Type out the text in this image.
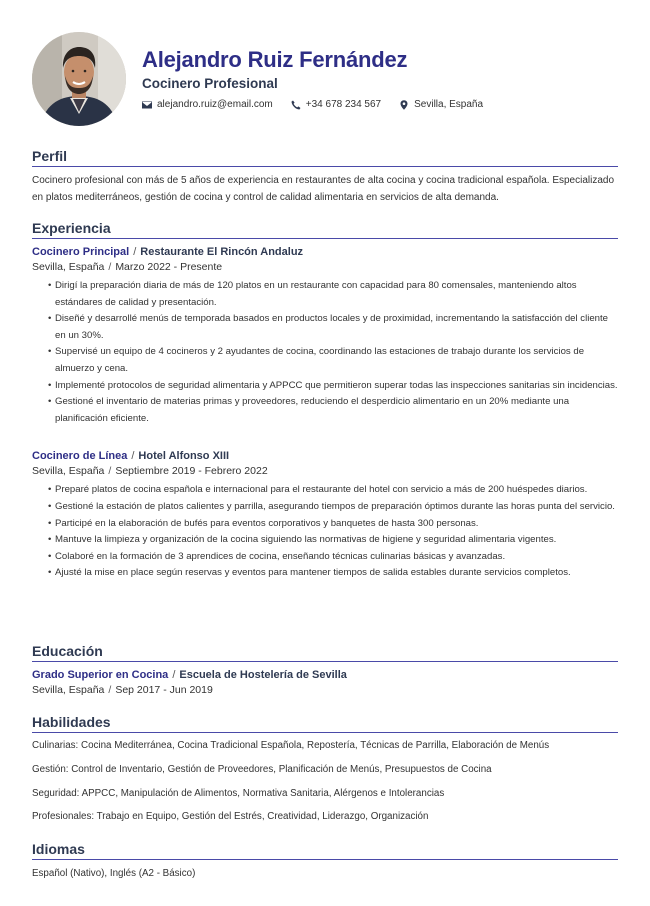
Alejandro Ruiz Fernández
Cocinero Profesional
alejandro.ruiz@email.com	+34 678 234 567	Sevilla, España
Perfil
Cocinero profesional con más de 5 años de experiencia en restaurantes de alta cocina y cocina tradicional española. Especializado en platos mediterráneos, gestión de cocina y control de calidad alimentaria en servicios de alta demanda.
Experiencia
Cocinero Principal / Restaurante El Rincón Andaluz
Sevilla, España / Marzo 2022 - Presente
• Dirigí la preparación diaria de más de 120 platos en un restaurante con capacidad para 80 comensales, manteniendo altos estándares de calidad y presentación.
• Diseñé y desarrollé menús de temporada basados en productos locales y de proximidad, incrementando la satisfacción del cliente en un 30%.
• Supervisé un equipo de 4 cocineros y 2 ayudantes de cocina, coordinando las estaciones de trabajo durante los servicios de almuerzo y cena.
• Implementé protocolos de seguridad alimentaria y APPCC que permitieron superar todas las inspecciones sanitarias sin incidencias.
• Gestioné el inventario de materias primas y proveedores, reduciendo el desperdicio alimentario en un 20% mediante una planificación eficiente.
Cocinero de Línea / Hotel Alfonso XIII
Sevilla, España / Septiembre 2019 - Febrero 2022
• Preparé platos de cocina española e internacional para el restaurante del hotel con servicio a más de 200 huéspedes diarios.
• Gestioné la estación de platos calientes y parrilla, asegurando tiempos de preparación óptimos durante las horas punta del servicio.
• Participé en la elaboración de bufés para eventos corporativos y banquetes de hasta 300 personas.
• Mantuve la limpieza y organización de la cocina siguiendo las normativas de higiene y seguridad alimentaria vigentes.
• Colaboré en la formación de 3 aprendices de cocina, enseñando técnicas culinarias básicas y avanzadas.
• Ajusté la mise en place según reservas y eventos para mantener tiempos de salida estables durante servicios completos.
Educación
Grado Superior en Cocina / Escuela de Hostelería de Sevilla
Sevilla, España / Sep 2017 - Jun 2019
Habilidades
Culinarias: Cocina Mediterránea, Cocina Tradicional Española, Repostería, Técnicas de Parrilla, Elaboración de Menús
Gestión: Control de Inventario, Gestión de Proveedores, Planificación de Menús, Presupuestos de Cocina
Seguridad: APPCC, Manipulación de Alimentos, Normativa Sanitaria, Alérgenos e Intolerancias
Profesionales: Trabajo en Equipo, Gestión del Estrés, Creatividad, Liderazgo, Organización
Idiomas
Español (Nativo), Inglés (A2 - Básico)
